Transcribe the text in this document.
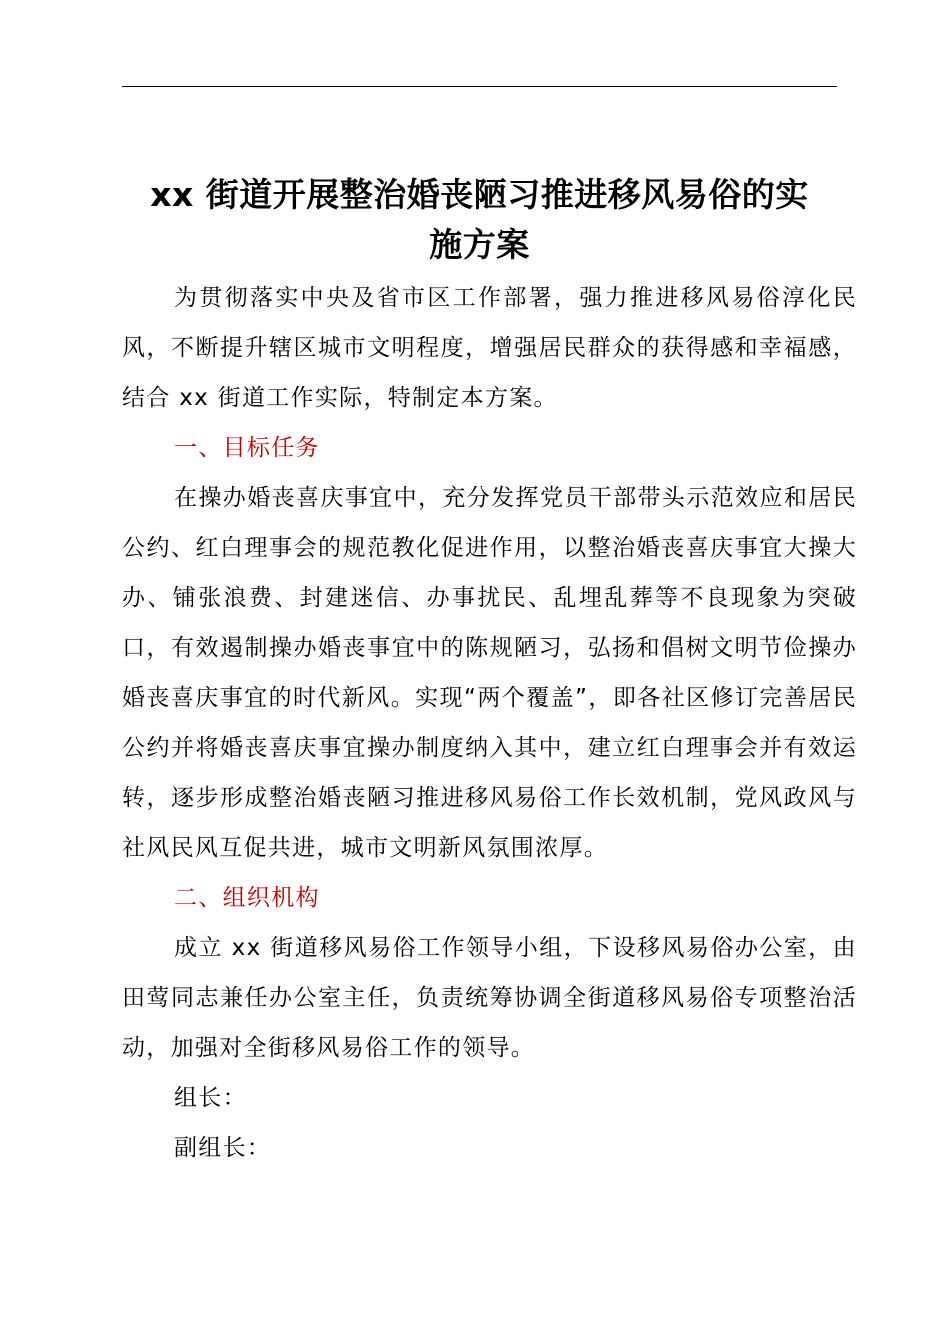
xx 街道开展整治婚丧陋习推进移风易俗的实
施方案

为贯彻落实中央及省市区工作部署，强力推进移风易俗淳化民风，不断提升辖区城市文明程度，增强居民群众的获得感和幸福感，结合 xx 街道工作实际，特制定本方案。

一、目标任务

在操办婚丧喜庆事宜中，充分发挥党员干部带头示范效应和居民公约、红白理事会的规范教化促进作用，以整治婚丧喜庆事宜大操大办、铺张浪费、封建迷信、办事扰民、乱埋乱葬等不良现象为突破口，有效遏制操办婚丧事宜中的陈规陋习，弘扬和倡树文明节俭操办婚丧喜庆事宜的时代新风。实现“两个覆盖”，即各社区修订完善居民公约并将婚丧喜庆事宜操办制度纳入其中，建立红白理事会并有效运转，逐步形成整治婚丧陋习推进移风易俗工作长效机制，党风政风与社风民风互促共进，城市文明新风氛围浓厚。

二、组织机构

成立 xx 街道移风易俗工作领导小组，下设移风易俗办公室，由田莺同志兼任办公室主任，负责统筹协调全街道移风易俗专项整治活动，加强对全街移风易俗工作的领导。

组长：

副组长：
